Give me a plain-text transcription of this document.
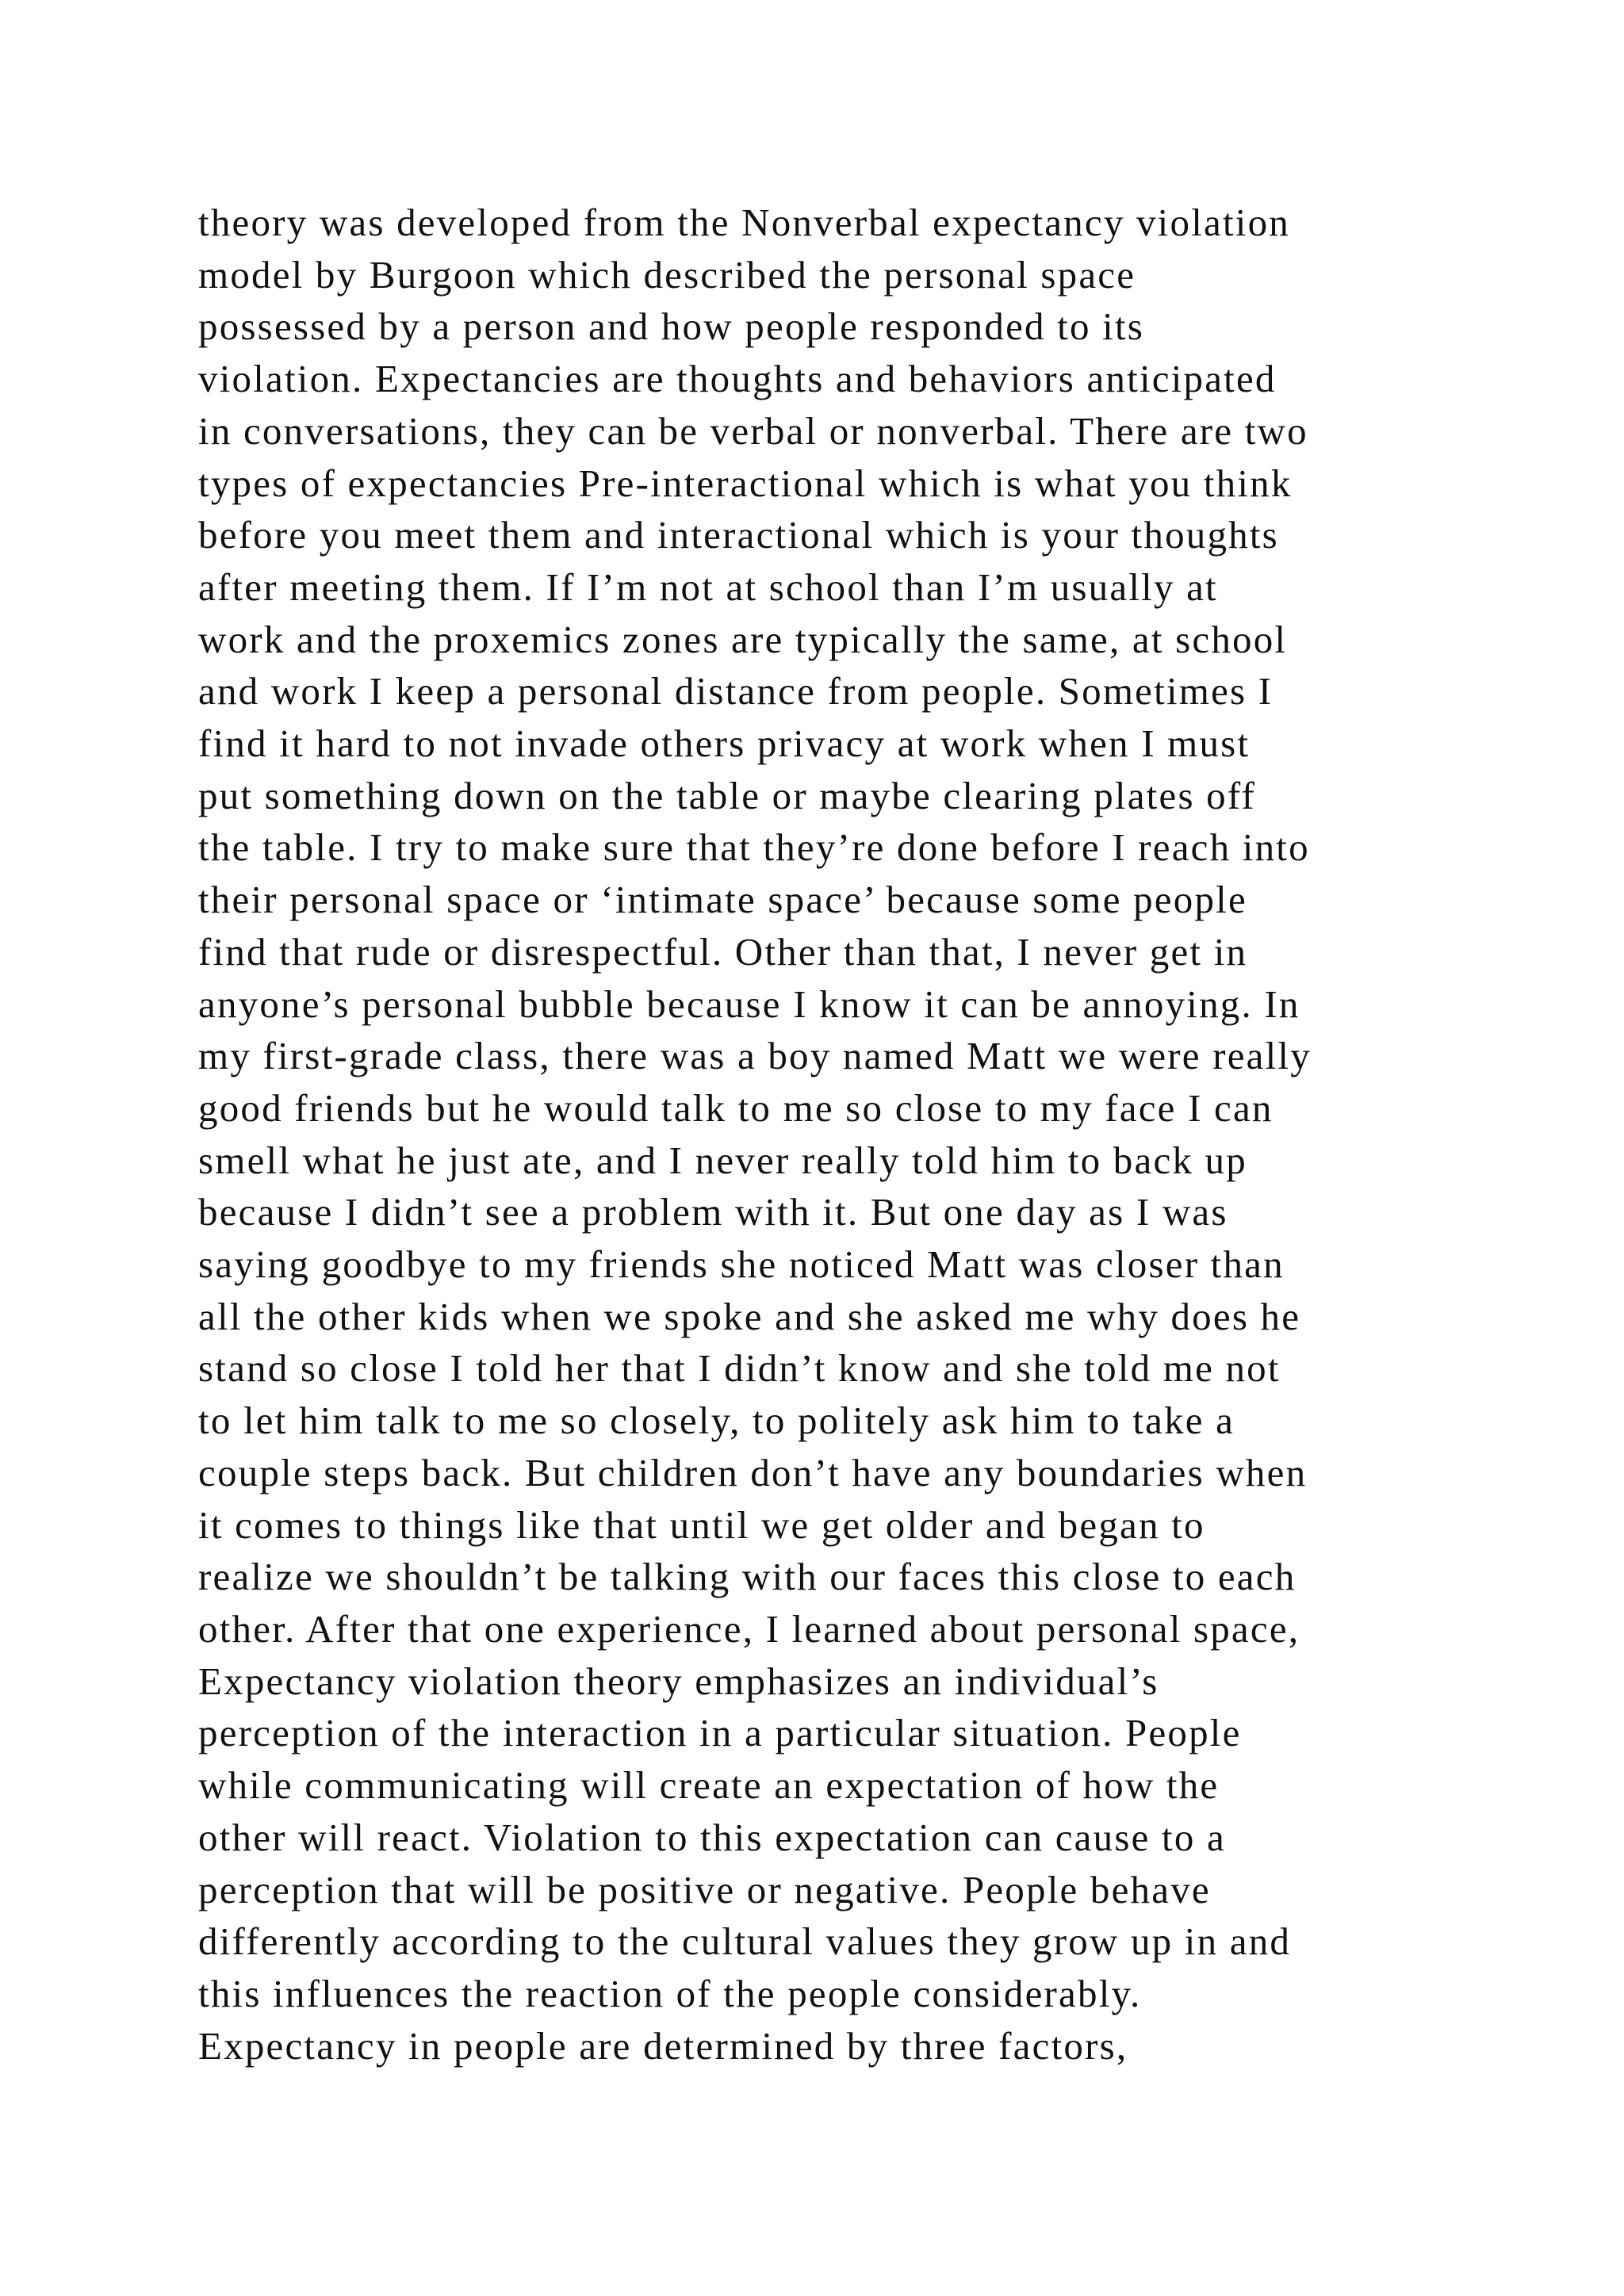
theory was developed from the Nonverbal expectancy violation
model by Burgoon which described the personal space
possessed by a person and how people responded to its
violation. Expectancies are thoughts and behaviors anticipated
in conversations, they can be verbal or nonverbal. There are two
types of expectancies Pre-interactional which is what you think
before you meet them and interactional which is your thoughts
after meeting them. If I’m not at school than I’m usually at
work and the proxemics zones are typically the same, at school
and work I keep a personal distance from people. Sometimes I
find it hard to not invade others privacy at work when I must
put something down on the table or maybe clearing plates off
the table. I try to make sure that they’re done before I reach into
their personal space or ‘intimate space’ because some people
find that rude or disrespectful. Other than that, I never get in
anyone’s personal bubble because I know it can be annoying. In
my first-grade class, there was a boy named Matt we were really
good friends but he would talk to me so close to my face I can
smell what he just ate, and I never really told him to back up
because I didn’t see a problem with it. But one day as I was
saying goodbye to my friends she noticed Matt was closer than
all the other kids when we spoke and she asked me why does he
stand so close I told her that I didn’t know and she told me not
to let him talk to me so closely, to politely ask him to take a
couple steps back. But children don’t have any boundaries when
it comes to things like that until we get older and began to
realize we shouldn’t be talking with our faces this close to each
other. After that one experience, I learned about personal space,
Expectancy violation theory emphasizes an individual’s
perception of the interaction in a particular situation. People
while communicating will create an expectation of how the
other will react. Violation to this expectation can cause to a
perception that will be positive or negative. People behave
differently according to the cultural values they grow up in and
this influences the reaction of the people considerably.
Expectancy in people are determined by three factors,
